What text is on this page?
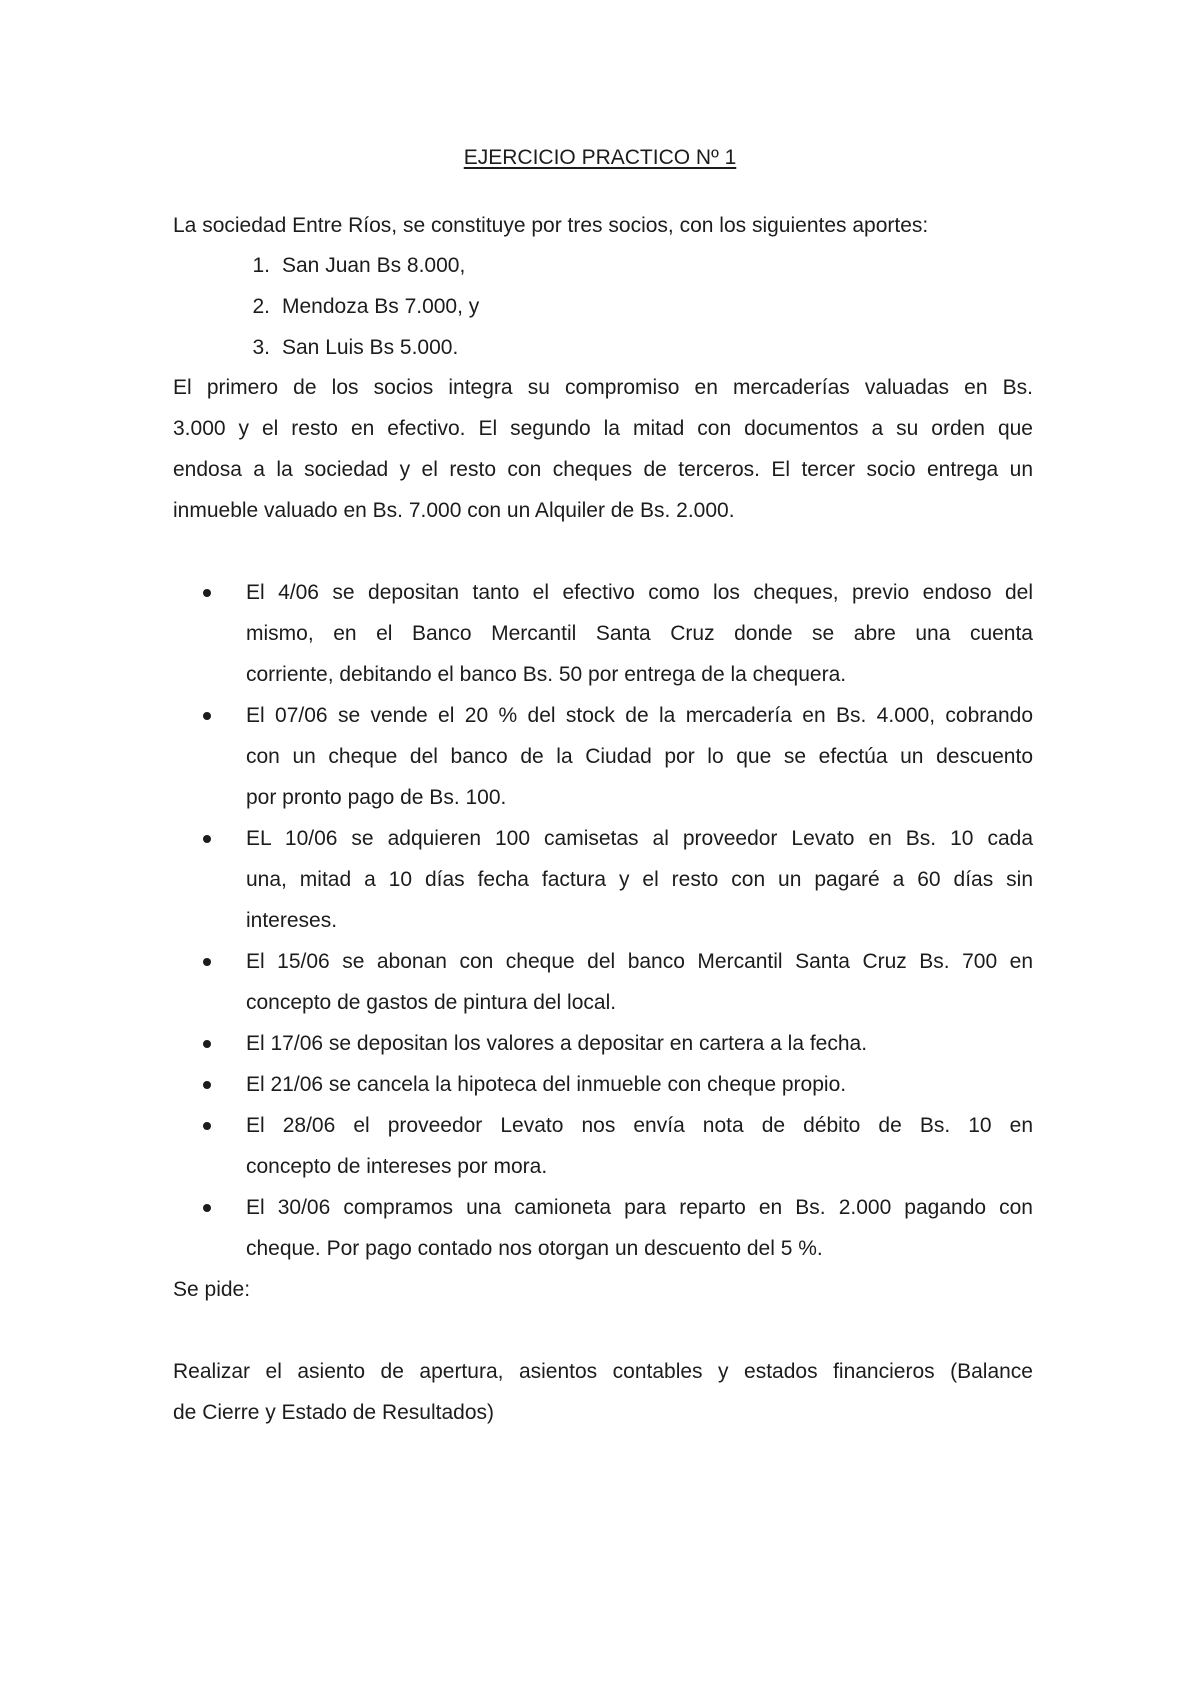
EJERCICIO PRACTICO Nº 1
La sociedad Entre Ríos, se constituye por tres socios, con los siguientes aportes:
1. San Juan Bs 8.000,
2. Mendoza Bs 7.000, y
3. San Luis Bs 5.000.
El primero de los socios integra su compromiso en mercaderías valuadas en Bs.
3.000 y el resto en efectivo. El segundo la mitad con documentos a su orden que
endosa a la sociedad y el resto con cheques de terceros. El tercer socio entrega un
inmueble valuado en Bs. 7.000 con un Alquiler de Bs. 2.000.
El 4/06 se depositan tanto el efectivo como los cheques, previo endoso del
mismo, en el Banco Mercantil Santa Cruz donde se abre una cuenta
corriente, debitando el banco Bs. 50 por entrega de la chequera.
El 07/06 se vende el 20 % del stock de la mercadería en Bs. 4.000, cobrando
con un cheque del banco de la Ciudad por lo que se efectúa un descuento
por pronto pago de Bs. 100.
EL 10/06 se adquieren 100 camisetas al proveedor Levato en Bs. 10 cada
una, mitad a 10 días fecha factura y el resto con un pagaré a 60 días sin
intereses.
El 15/06 se abonan con cheque del banco Mercantil Santa Cruz Bs. 700 en
concepto de gastos de pintura del local.
El 17/06 se depositan los valores a depositar en cartera a la fecha.
El 21/06 se cancela la hipoteca del inmueble con cheque propio.
El 28/06 el proveedor Levato nos envía nota de débito de Bs. 10 en
concepto de intereses por mora.
El 30/06 compramos una camioneta para reparto en Bs. 2.000 pagando con
cheque. Por pago contado nos otorgan un descuento del 5 %.
Se pide:
Realizar el asiento de apertura, asientos contables y estados financieros (Balance
de Cierre y Estado de Resultados)
